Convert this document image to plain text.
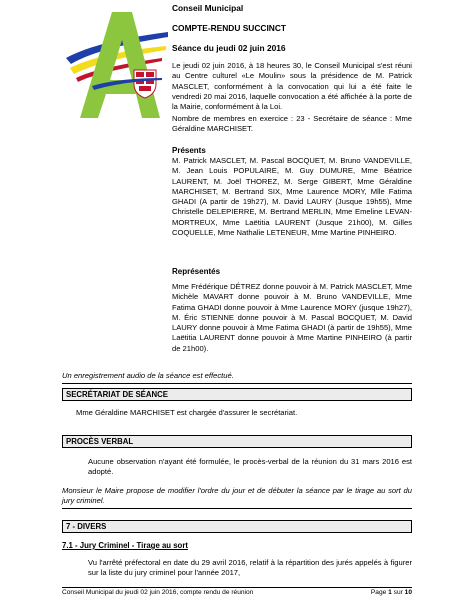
Conseil Municipal
COMPTE-RENDU SUCCINCT
Séance du jeudi 02 juin 2016
Le jeudi 02 juin 2016, à 18 heures 30, le Conseil Municipal s'est réuni au Centre culturel «Le Moulin» sous la présidence de M. Patrick MASCLET, conformément à la convocation qui lui a été faite le vendredi 20 mai 2016, laquelle convocation a été affichée à la porte de la Mairie, conformément à la Loi.
Nombre de membres en exercice : 23 - Secrétaire de séance : Mme Géraldine MARCHISET.
Présents
M. Patrick MASCLET, M. Pascal BOCQUET, M. Bruno VANDEVILLE, M. Jean Louis POPULAIRE, M. Guy DUMURE, Mme Béatrice LAURENT, M. Joël THOREZ, M. Serge GIBERT, Mme Géraldine MARCHISET, M. Bertrand SIX, Mme Laurence MORY, Mlle Fatima GHADI (A partir de 19h27), M. David LAURY (Jusque 19h55), Mme Christelle DELEPIERRE, M. Bertrand MERLIN, Mme Emeline LEVAN-MORTREUX, Mme Laëtitia LAURENT (Jusque 21h00), M. Gilles COQUELLE, Mme Nathalie LETENEUR, Mme Martine PINHEIRO.
Représentés
Mme Frédérique DÉTREZ donne pouvoir à M. Patrick MASCLET, Mme Michèle MAVART donne pouvoir à M. Bruno VANDEVILLE, Mme Fatima GHADI donne pouvoir à Mme Laurence MORY (jusque 19h27), M. Éric STIENNE donne pouvoir à M. Pascal BOCQUET, M. David LAURY donne pouvoir à Mme Fatima GHADI (à partir de 19h55), Mme Laëtitia LAURENT donne pouvoir à Mme Martine PINHEIRO (à partir de 21h00).
Un enregistrement audio de la séance est effectué.
SECRÉTARIAT DE SÉANCE
Mme Géraldine MARCHISET est chargée d'assurer le secrétariat.
PROCÈS VERBAL
Aucune observation n'ayant été formulée, le procès-verbal de la réunion du 31 mars 2016 est adopté.
Monsieur le Maire propose de modifier l'ordre du jour et de débuter la séance par le tirage au sort du jury criminel.
7 - DIVERS
7.1 - Jury Criminel - Tirage au sort
Vu l'arrêté préfectoral en date du 29 avril 2016, relatif à la répartition des jurés appelés à figurer sur la liste du jury criminel pour l'année 2017,
Conseil Municipal du jeudi 02 juin 2016, compte rendu de réunion	Page 1 sur 10
